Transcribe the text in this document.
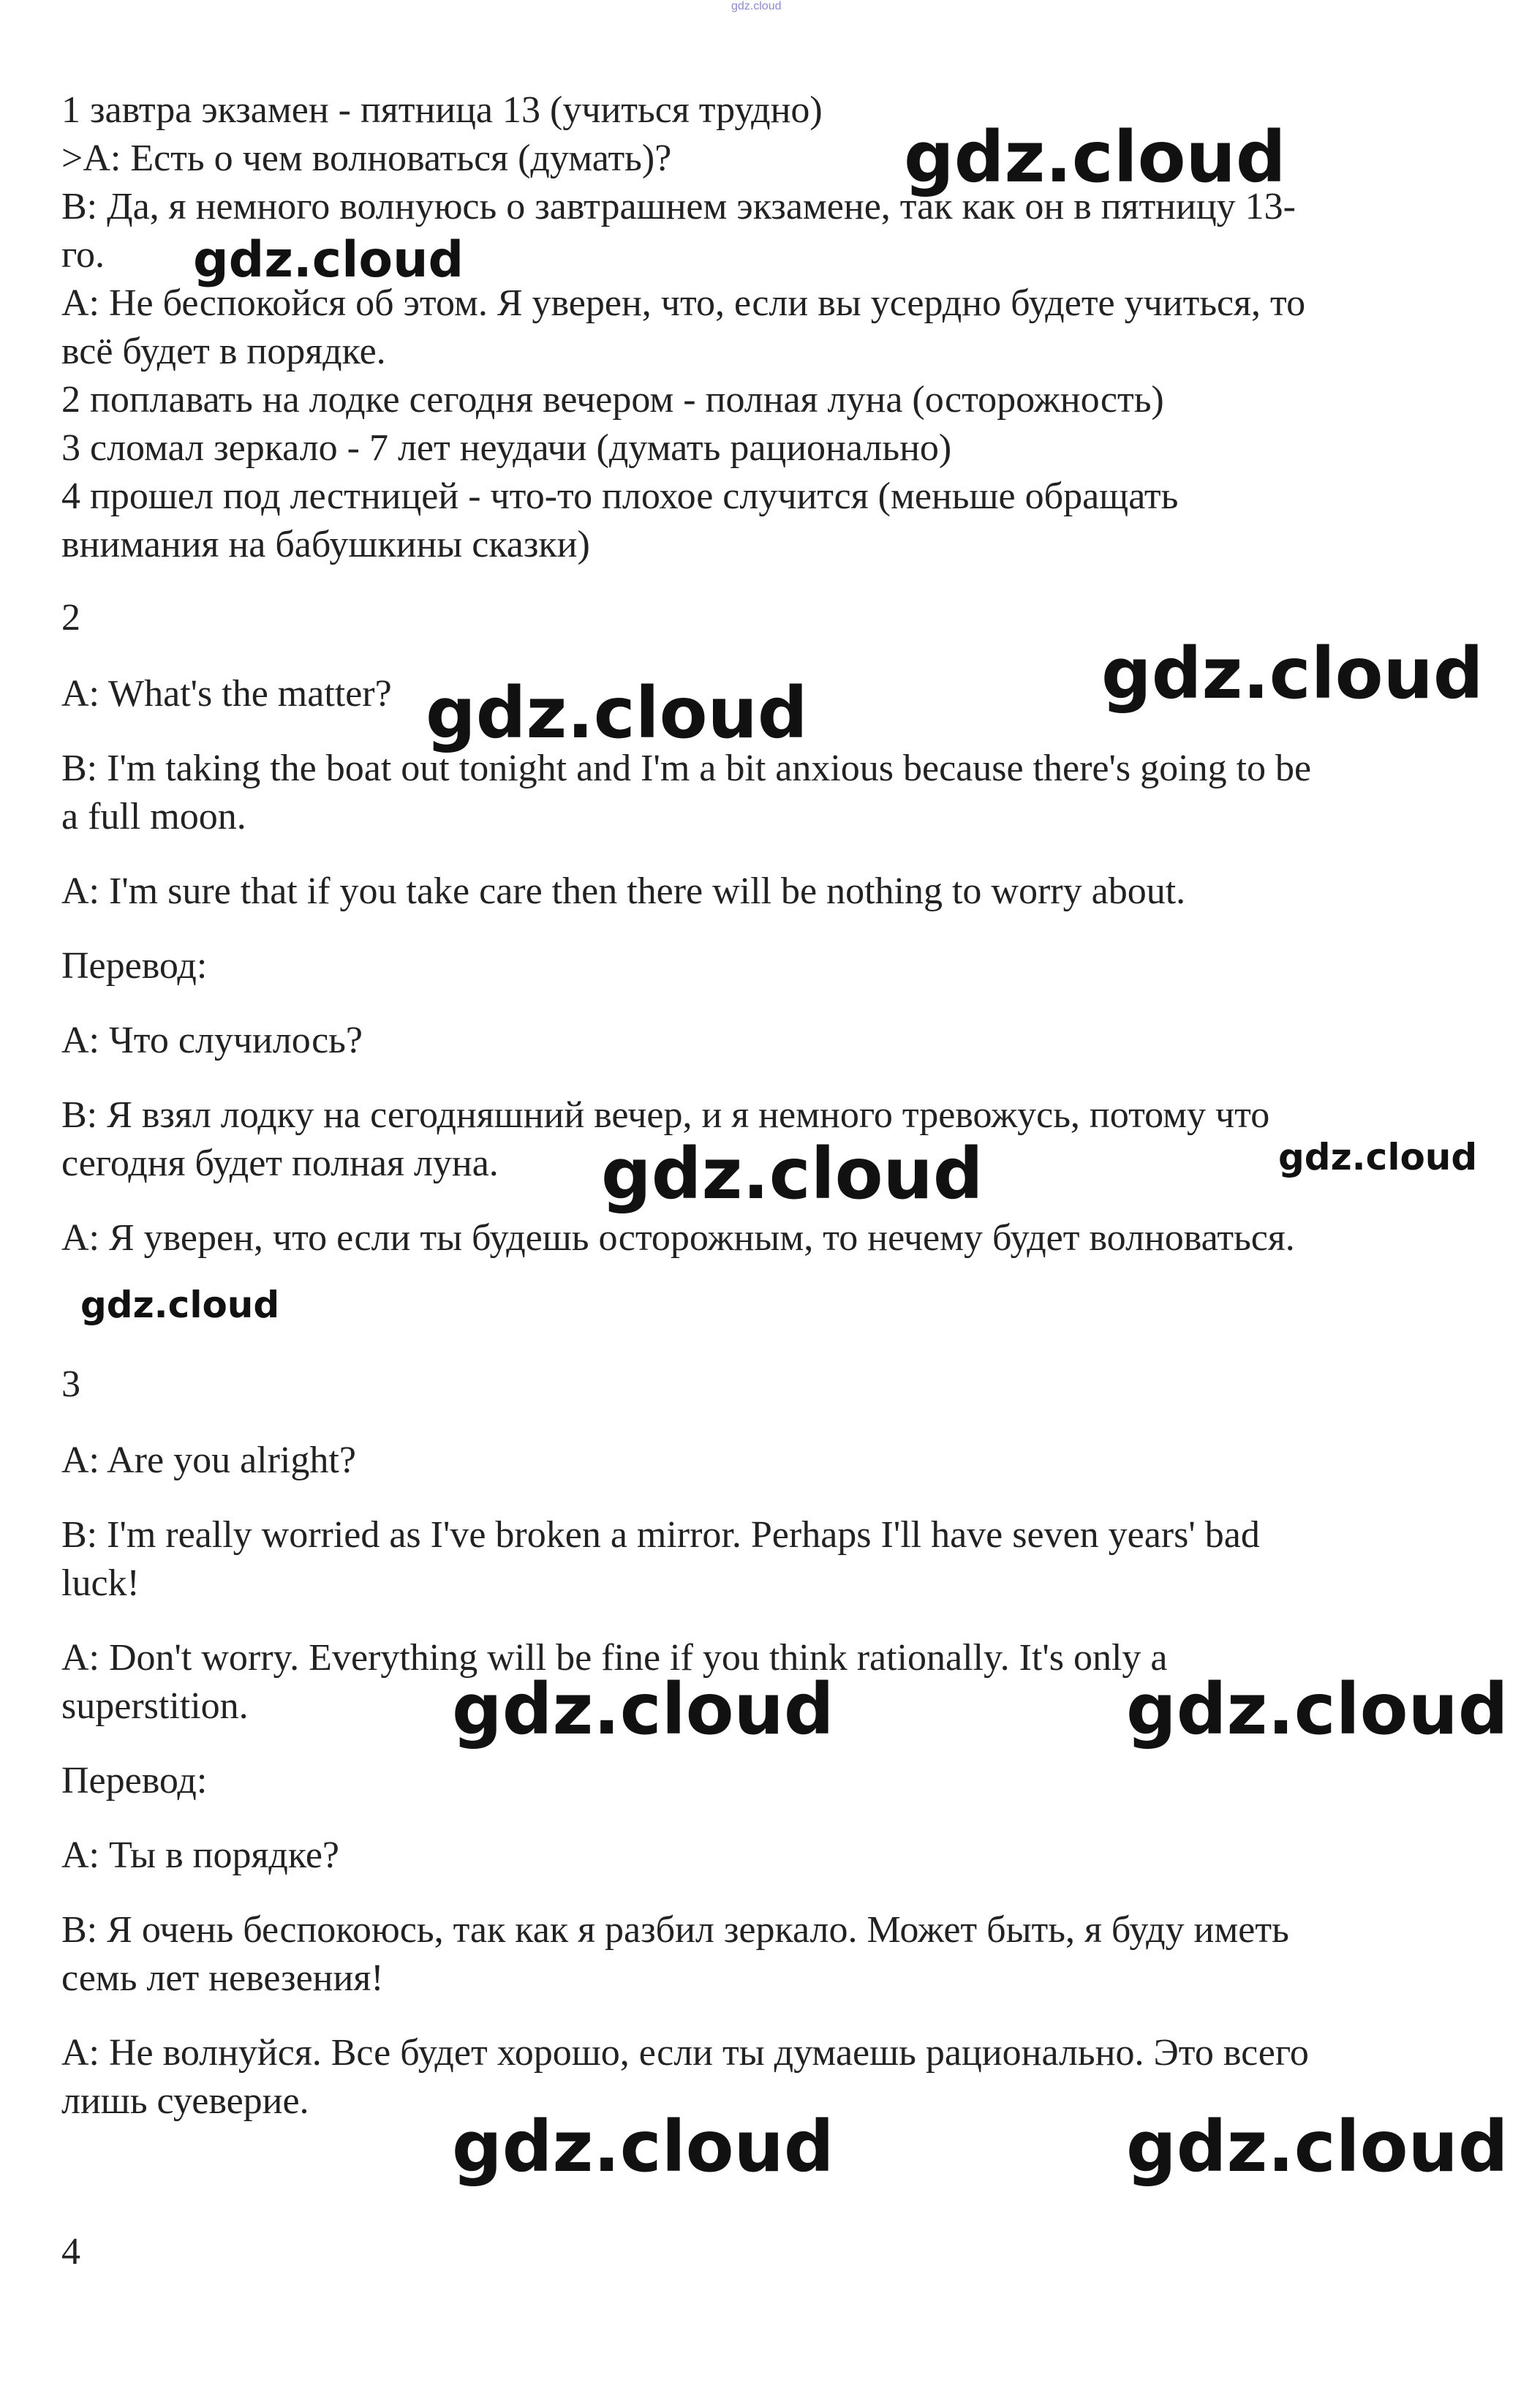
gdz.cloud
1 завтра экзамен - пятница 13 (учиться трудно)
>A: Есть о чем волноваться (думать)?
B: Да, я немного волнуюсь о завтрашнем экзамене, так как он в пятницу 13-
го.
A: Не беспокойся об этом. Я уверен, что, если вы усердно будете учиться, то
всё будет в порядке.
2 поплавать на лодке сегодня вечером - полная луна (осторожность)
3 сломал зеркало - 7 лет неудачи (думать рационально)
4 прошел под лестницей - что-то плохое случится (меньше обращать
внимания на бабушкины сказки)
2
A: What's the matter?
B: I'm taking the boat out tonight and I'm a bit anxious because there's going to be
a full moon.
A: I'm sure that if you take care then there will be nothing to worry about.
Перевод:
A: Что случилось?
B: Я взял лодку на сегодняшний вечер, и я немного тревожусь, потому что
сегодня будет полная луна.
A: Я уверен, что если ты будешь осторожным, то нечему будет волноваться.
3
A: Are you alright?
B: I'm really worried as I've broken a mirror. Perhaps I'll have seven years' bad
luck!
A: Don't worry. Everything will be fine if you think rationally. It's only a
superstition.
Перевод:
A: Ты в порядке?
B: Я очень беспокоюсь, так как я разбил зеркало. Может быть, я буду иметь
семь лет невезения!
A: Не волнуйся. Все будет хорошо, если ты думаешь рационально. Это всего
лишь суеверие.
4
gdz.cloud
gdz.cloud
gdz.cloud
gdz.cloud
gdz.cloud	gdz.cloud
gdz.cloud
gdz.cloud	gdz.cloud
gdz.cloud	gdz.cloud
